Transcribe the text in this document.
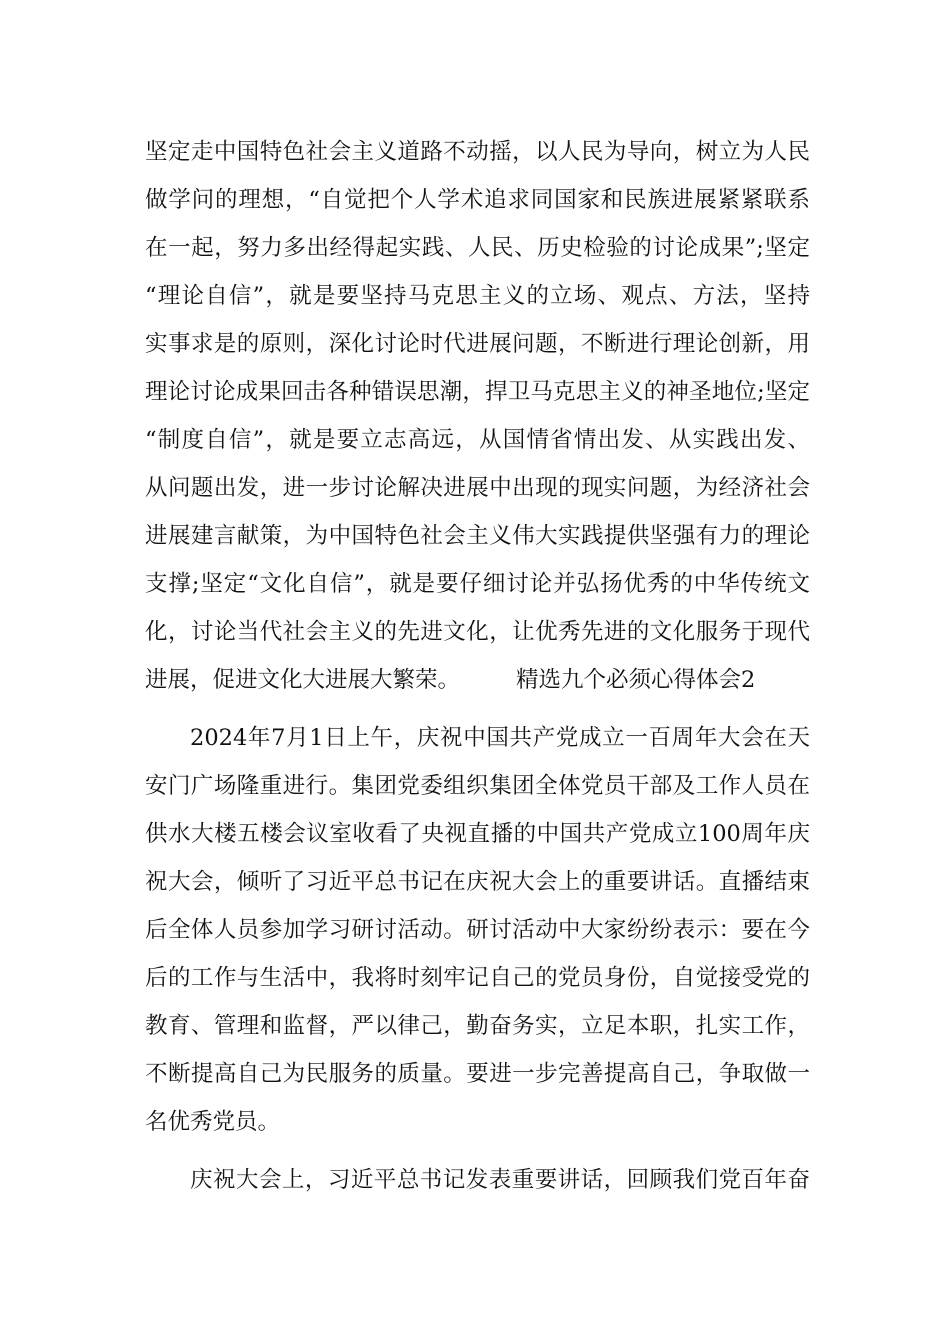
坚定走中国特色社会主义道路不动摇，以人民为导向，树立为人民
做学问的理想，“自觉把个人学术追求同国家和民族进展紧紧联系
在一起，努力多出经得起实践、人民、历史检验的讨论成果”;坚定
“理论自信”，就是要坚持马克思主义的立场、观点、方法，坚持
实事求是的原则，深化讨论时代进展问题，不断进行理论创新，用
理论讨论成果回击各种错误思潮，捍卫马克思主义的神圣地位;坚定
“制度自信”，就是要立志高远，从国情省情出发、从实践出发、
从问题出发，进一步讨论解决进展中出现的现实问题，为经济社会
进展建言献策，为中国特色社会主义伟大实践提供坚强有力的理论
支撑;坚定“文化自信”，就是要仔细讨论并弘扬优秀的中华传统文
化，讨论当代社会主义的先进文化，让优秀先进的文化服务于现代
进展，促进文化大进展大繁荣。 精选九个必须心得体会2
2024年7月1日上午，庆祝中国共产党成立一百周年大会在天
安门广场隆重进行。集团党委组织集团全体党员干部及工作人员在
供水大楼五楼会议室收看了央视直播的中国共产党成立100周年庆
祝大会，倾听了习近平总书记在庆祝大会上的重要讲话。直播结束
后全体人员参加学习研讨活动。研讨活动中大家纷纷表示：要在今
后的工作与生活中，我将时刻牢记自己的党员身份，自觉接受党的
教育、管理和监督，严以律己，勤奋务实，立足本职，扎实工作，
不断提高自己为民服务的质量。要进一步完善提高自己，争取做一
名优秀党员。
庆祝大会上，习近平总书记发表重要讲话，回顾我们党百年奋
